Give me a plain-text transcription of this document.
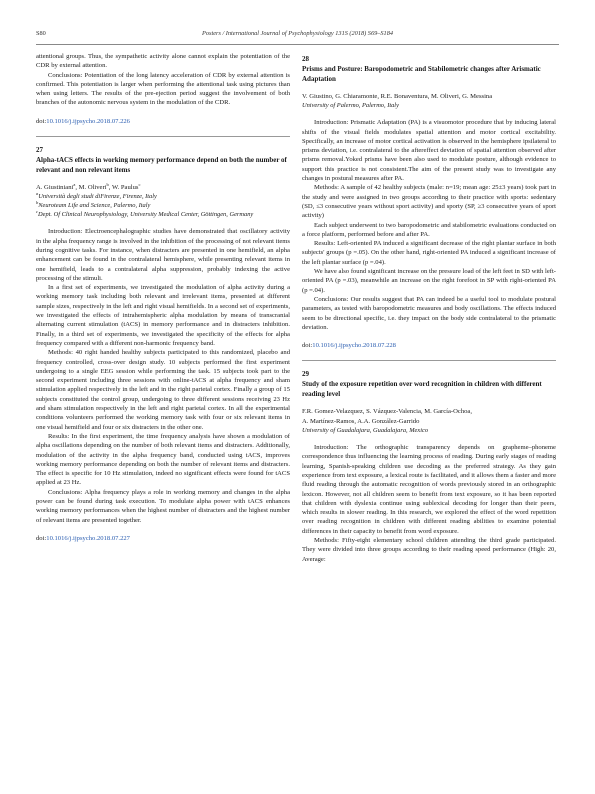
S80	Posters / International Journal of Psychophysiology 131S (2018) S69–S184

attentional groups. Thus, the sympathetic activity alone cannot explain the potentiation of the CDR by external attention.

Conclusions: Potentiation of the long latency acceleration of CDR by external attention is confirmed. This potentiation is larger when performing the attentional task using pictures than when using letters. The results of the pre-ejection period suggest the involvement of both branches of the autonomic nervous system in the modulation of the CDR.

doi:10.1016/j.ijpsycho.2018.07.226
27
Alpha-tACS effects in working memory performance depend on both the number of relevant and non relevant items
A. Giustiniani$^a$, M. Oliveri$^b$, W. Paulus$^c$
$^a$Università degli studi diFirenze, Firenze, Italy
$^b$Neuroteam Life and Science, Palermo, Italy
$^c$Dept. Of Clinical Neurophysiology, University Medical Center, Göttingen, Germany

Introduction: Electroencephalographic studies have demonstrated that oscillatory activity in the alpha frequency range is involved in the inhibition of the processing of not relevant items during cognitive tasks. For instance, when distracters are presented in one hemifield, an alpha enhancement can be found in the contralateral hemisphere, while presenting relevant items in one hemifield, leads to a contralateral alpha suppression, probably indexing the active processing of the stimuli.

In a first set of experiments, we investigated the modulation of alpha activity during a working memory task including both relevant and irrelevant items, presented at different sample sizes, respectively in the left and right visual hemifields. In a second set of experiments, we investigated the effects of intrahemispheric alpha modulation by means of transcranial alternating current stimulation (tACS) in memory performance and in distracters inhibition. Finally, in a third set of experiments, we investigated the specificity of the effects for alpha frequency compared with a different non-harmonic frequency band.

Methods: 40 right handed healthy subjects participated to this randomized, placebo and frequency controlled, cross-over design study. 10 subjects performed the first experiment undergoing to a single EEG session while performing the task. 15 subjects took part to the second experiment including three sessions with online-tACS at alpha frequency and sham stimulation applied respectively in the left and in the right parietal cortex. Finally a group of 15 subjects constituted the control group, undergoing to three different sessions receiving 23 Hz and sham stimulation respectively in the left and right parietal cortex. In all the experimental conditions volunteers performed the working memory task with four or six relevant items in one visual hemifield and four or six distracters in the other one.

Results: In the first experiment, the time frequency analysis have shown a modulation of alpha oscillations depending on the number of both relevant items and distracters. Additionally, modulation of the activity in the alpha frequency band, conducted using tACS, improves working memory performance depending on both the number of relevant items and distracters. The effect is specific for 10 Hz stimulation, indeed no significant effects were found for tACS applied at 23 Hz.

Conclusions: Alpha frequency plays a role in working memory and changes in the alpha power can be found during task execution. To modulate alpha power with tACS enhances working memory performances when the highest number of distracters and the highest number of relevant items are presented together.

doi:10.1016/j.ijpsycho.2018.07.227
28
Prisms and Posture: Baropodometric and Stabilometric changes after Arismatic Adaptation
V. Giustino, G. Chiaramonte, R.E. Bonaventura, M. Oliveri, G. Messina
University of Palermo, Palermo, Italy

Introduction: Prismatic Adaptation (PA) is a visuomotor procedure that by inducing lateral shifts of the visual fields modulates spatial attention and motor cortical excitability. Specifically, an increase of motor cortical activation is observed in the hemisphere ipsilateral to prisms deviation, i.e. contralateral to the aftereffect deviation of spatial attention observed after prisms removal.Yoked prisms have been also used to modulate posture, although evidence to support this practice is not consistent.The aim of the present study was to investigate any changes in postural measures after PA.

Methods: A sample of 42 healthy subjects (male: n=19; mean age: 25±3 years) took part in the study and were assigned in two groups according to their practice with sports: sedentary (SD, ≤3 consecutive years without sport activity) and sporty (SP, ≥3 consecutive years of sport activity)

Each subject underwent to two baropodometric and stabilometric evaluations conducted on a force platform, performed before and after PA.

Results: Left-oriented PA induced a significant decrease of the right plantar surface in both subjects' groups (p =.05). On the other hand, right-oriented PA induced a significant increase of the left plantar surface (p =.04).

We have also found significant increase on the pressure load of the left feet in SD with left-oriented PA (p =.03), meanwhile an increase on the right forefoot in SP with right-oriented PA (p =.04).

Conclusions: Our results suggest that PA can indeed be a useful tool to modulate postural parameters, as tested with baropodometric measures and body oscillations. The effects induced seem to be directional specific, i.e. they impact on the body side contralateral to the prismatic deviation.

doi:10.1016/j.ijpsycho.2018.07.228
29
Study of the exposure repetition over word recognition in children with different reading level
F.R. Gomez-Velazquez, S. Vázquez-Valencia, M. García-Ochoa,
A. Martínez-Ramos, A.A. González-Garrido
University of Guadalajara, Guadalajara, Mexico

Introduction: The orthographic transparency depends on grapheme–phoneme correspondence thus influencing the learning process of reading. During early stages of reading learning, Spanish-speaking children use decoding as the preferred strategy. As they gain experience from text exposure, a lexical route is facilitated, and it allows them a faster and more fluid reading through the automatic recognition of words previously stored in an orthographic lexicon. However, not all children seem to benefit from text exposure, so it has been reported that children with dyslexia continue using sublexical decoding for longer than their peers, which results in slower reading. In this research, we explored the effect of the word repetition over reading recognition in children with different reading abilities to examine potential differences in their capacity to benefit from word exposure.

Methods: Fifty-eight elementary school children attending the third grade participated. They were divided into three groups according to their reading speed performance (High: 20, Average:
